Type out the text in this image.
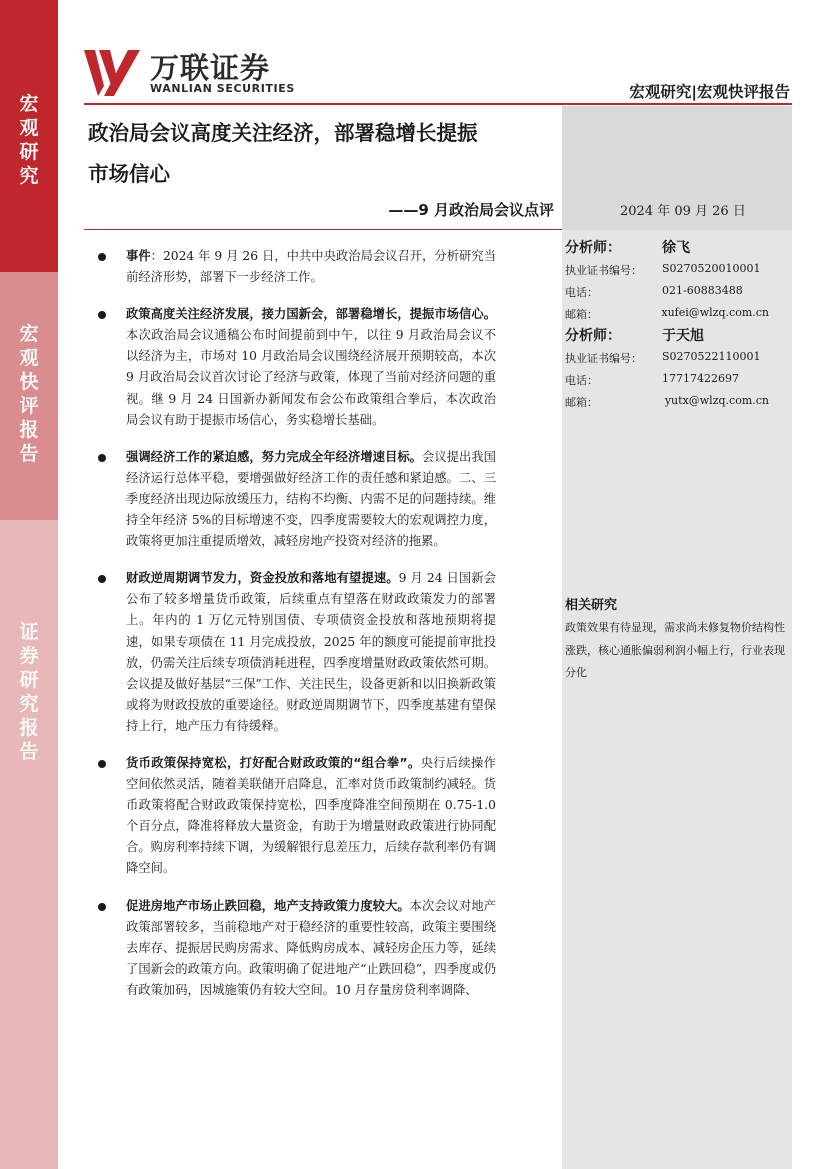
宏
观
研
究
宏
观
快
评
报
告
证
券
研
究
报
告
万联证券
WANLIAN SECURITIES	宏观研究|宏观快评报告
2024 年 09 月 26 日
政治局会议高度关注经济，部署稳增长提振
市场信心
——9 月政治局会议点评
事件：2024 年 9 月 26 日，中共中央政治局会议召开，分析研究当前经济形势，部署下一步经济工作。
政策高度关注经济发展，接力国新会，部署稳增长，提振市场信心。本次政治局会议通稿公布时间提前到中午，以往 9 月政治局会议不以经济为主，市场对 10 月政治局会议围绕经济展开预期较高，本次 9 月政治局会议首次讨论了经济与政策，体现了当前对经济问题的重视。继 9 月 24 日国新办新闻发布会公布政策组合拳后，本次政治局会议有助于提振市场信心，务实稳增长基础。
强调经济工作的紧迫感，努力完成全年经济增速目标。会议提出我国经济运行总体平稳，要增强做好经济工作的责任感和紧迫感。二、三季度经济出现边际放缓压力，结构不均衡、内需不足的问题持续。维持全年经济 5%的目标增速不变，四季度需要较大的宏观调控力度，政策将更加注重提质增效，减轻房地产投资对经济的拖累。
财政逆周期调节发力，资金投放和落地有望提速。9 月 24 日国新会公布了较多增量货币政策，后续重点有望落在财政政策发力的部署上。年内的 1 万亿元特别国债、专项债资金投放和落地预期将提速，如果专项债在 11 月完成投放，2025 年的额度可能提前审批投放，仍需关注后续专项债消耗进程，四季度增量财政政策依然可期。会议提及做好基层“三保”工作、关注民生，设备更新和以旧换新政策或将为财政投放的重要途径。财政逆周期调节下，四季度基建有望保持上行，地产压力有待缓释。
货币政策保持宽松，打好配合财政政策的“组合拳”。央行后续操作空间依然灵活，随着美联储开启降息，汇率对货币政策制约减轻。货币政策将配合财政政策保持宽松，四季度降准空间预期在 0.75-1.0 个百分点，降准将释放大量资金，有助于为增量财政政策进行协同配合。购房利率持续下调，为缓解银行息差压力，后续存款利率仍有调降空间。
促进房地产市场止跌回稳，地产支持政策力度较大。本次会议对地产政策部署较多，当前稳地产对于稳经济的重要性较高，政策主要围绕去库存、提振居民购房需求、降低购房成本、减轻房企压力等，延续了国新会的政策方向。政策明确了促进地产“止跌回稳”，四季度或仍有政策加码，因城施策仍有较大空间。10 月存量房贷利率调降、
分析师：	徐飞
执业证书编号： S0270520010001
电话：	021-60883488
邮箱：	xufei@wlzq.com.cn
分析师：	于天旭
执业证书编号： S0270522110001
电话：	17717422697
邮箱：	yutx@wlzq.com.cn
相关研究

政策效果有待显现，需求尚未修复物价结构性涨跌，核心通胀偏弱利润小幅上行，行业表现分化
